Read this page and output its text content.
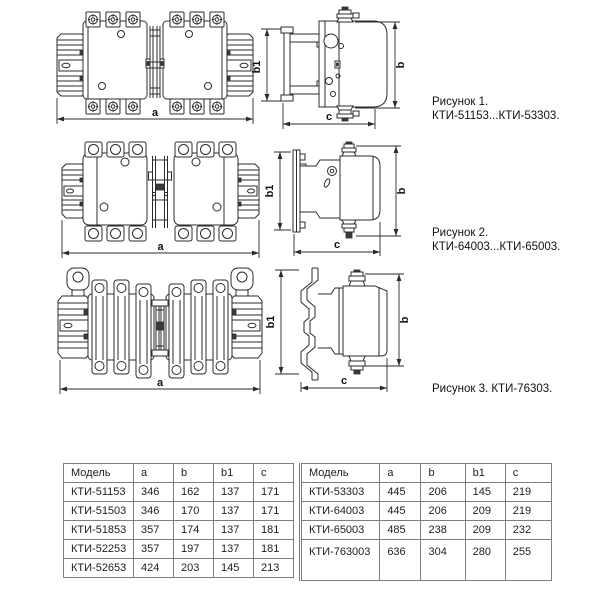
a
b1	b
c
Рисунок 1.
КТИ-51153...КТИ-53303.
a
b1	b
c
Рисунок 2.
КТИ-64003...КТИ-65003.
a
b1	b
c
Рисунок 3. КТИ-76303.
Модель	a	b	b1	c
КТИ-51153	346	162	137	171
КТИ-51503	346	170	137	171
КТИ-51853	357	174	137	181
КТИ-52253	357	197	137	181
КТИ-52653	424	203	145	213
Модель	a	b	b1	c
КТИ-53303	445	206	145	219
КТИ-64003	445	206	209	219
КТИ-65003	485	238	209	232
КТИ-763003	636	304	280	255
